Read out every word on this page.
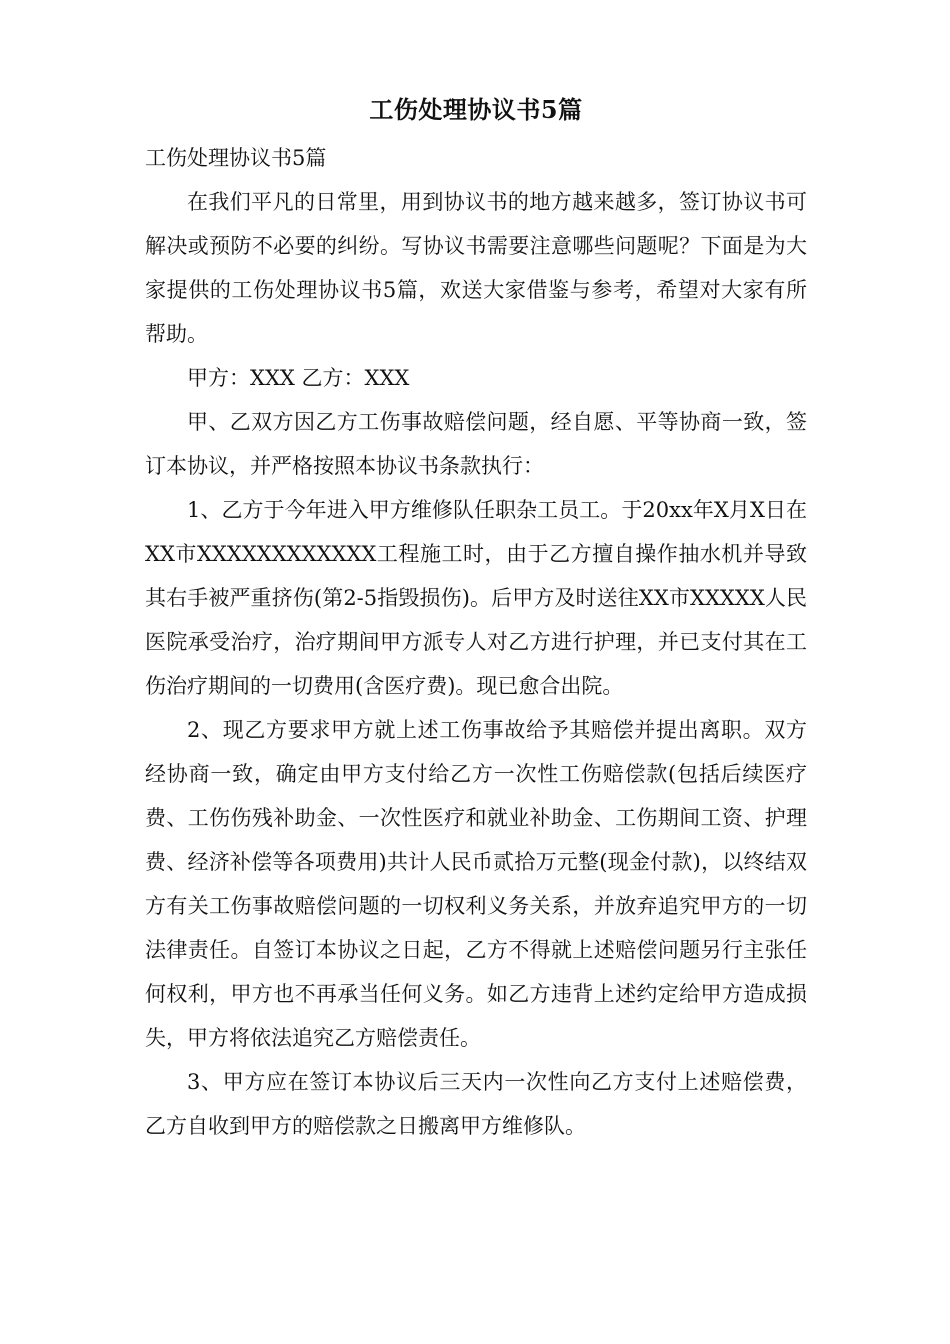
工伤处理协议书5篇

工伤处理协议书5篇

在我们平凡的日常里，用到协议书的地方越来越多，签订协议书可解决或预防不必要的纠纷。写协议书需要注意哪些问题呢？下面是为大家提供的工伤处理协议书5篇，欢送大家借鉴与参考，希望对大家有所帮助。

甲方：XXX 乙方：XXX

甲、乙双方因乙方工伤事故赔偿问题，经自愿、平等协商一致，签订本协议，并严格按照本协议书条款执行：

1、乙方于今年进入甲方维修队任职杂工员工。于20xx年X月X日在XX市XXXXXXXXXXXX工程施工时，由于乙方擅自操作抽水机并导致其右手被严重挤伤(第2-5指毁损伤)。后甲方及时送往XX市XXXXX人民医院承受治疗，治疗期间甲方派专人对乙方进行护理，并已支付其在工伤治疗期间的一切费用(含医疗费)。现已愈合出院。

2、现乙方要求甲方就上述工伤事故给予其赔偿并提出离职。双方经协商一致，确定由甲方支付给乙方一次性工伤赔偿款(包括后续医疗费、工伤伤残补助金、一次性医疗和就业补助金、工伤期间工资、护理费、经济补偿等各项费用)共计人民币贰拾万元整(现金付款)，以终结双方有关工伤事故赔偿问题的一切权利义务关系，并放弃追究甲方的一切法律责任。自签订本协议之日起，乙方不得就上述赔偿问题另行主张任何权利，甲方也不再承当任何义务。如乙方违背上述约定给甲方造成损失，甲方将依法追究乙方赔偿责任。

3、甲方应在签订本协议后三天内一次性向乙方支付上述赔偿费，乙方自收到甲方的赔偿款之日搬离甲方维修队。
